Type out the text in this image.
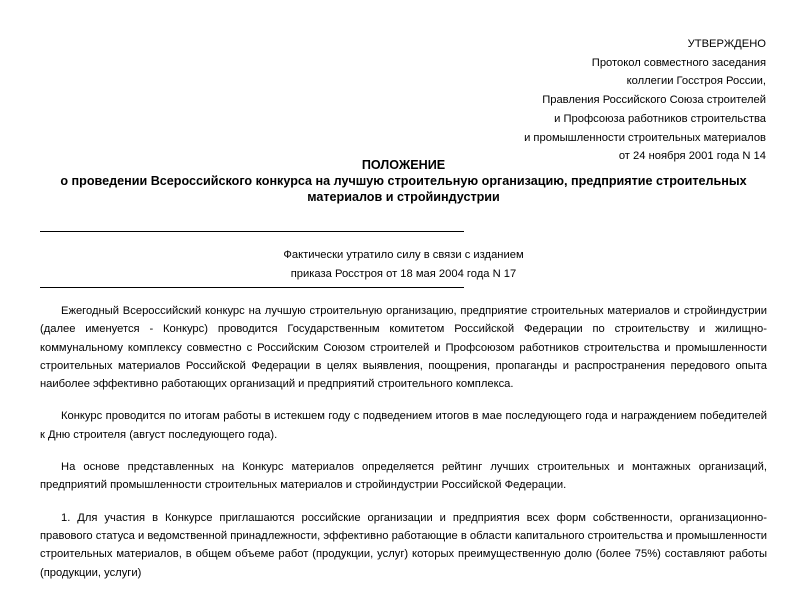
УТВЕРЖДЕНО
Протокол совместного заседания
коллегии Госстроя России,
Правления Российского Союза строителей
и Профсоюза работников строительства
и промышленности строительных материалов
от 24 ноября 2001 года N 14
ПОЛОЖЕНИЕ
о проведении Всероссийского конкурса на лучшую строительную организацию, предприятие строительных материалов и стройиндустрии
Фактически утратило силу в связи с изданием
приказа Росстроя от 18 мая 2004 года N 17

Ежегодный Всероссийский конкурс на лучшую строительную организацию, предприятие строительных материалов и стройиндустрии (далее именуется - Конкурс) проводится Государственным комитетом Российской Федерации по строительству и жилищно-коммунальному комплексу совместно с Российским Союзом строителей и Профсоюзом работников строительства и промышленности строительных материалов Российской Федерации в целях выявления, поощрения, пропаганды и распространения передового опыта наиболее эффективно работающих организаций и предприятий строительного комплекса.

Конкурс проводится по итогам работы в истекшем году с подведением итогов в мае последующего года и награждением победителей к Дню строителя (август последующего года).

На основе представленных на Конкурс материалов определяется рейтинг лучших строительных и монтажных организаций, предприятий промышленности строительных материалов и стройиндустрии Российской Федерации.

1. Для участия в Конкурсе приглашаются российские организации и предприятия всех форм собственности, организационно-правового статуса и ведомственной принадлежности, эффективно работающие в области капитального строительства и промышленности строительных материалов, в общем объеме работ (продукции, услуг) которых преимущественную долю (более 75%) составляют работы (продукции, услуги)
